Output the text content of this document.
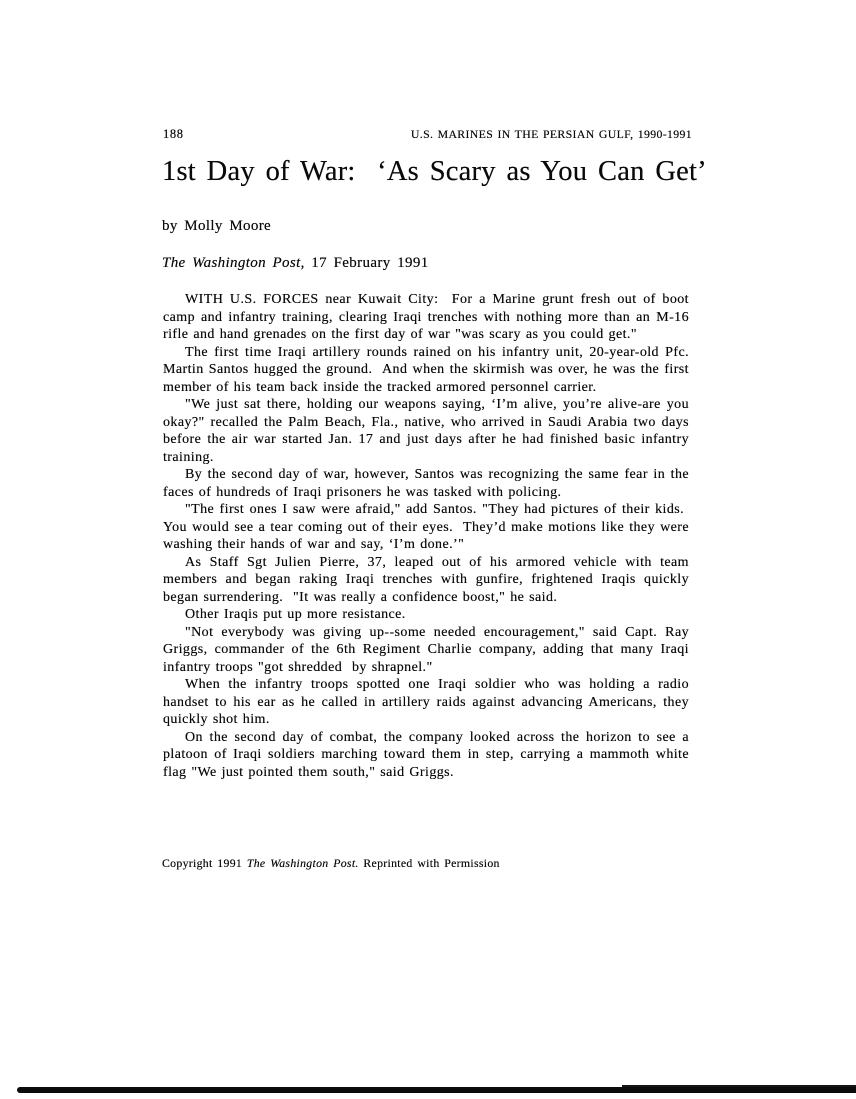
188	U.S. MARINES IN THE PERSIAN GULF, 1990-1991
1st Day of War:  ‘As Scary as You Can Get’
by Molly Moore
The Washington Post, 17 February 1991

WITH U.S. FORCES near Kuwait City:  For a Marine grunt fresh out of boot camp and infantry training, clearing Iraqi trenches with nothing more than an M-16 rifle and hand grenades on the first day of war "was scary as you could get."

The first time Iraqi artillery rounds rained on his infantry unit, 20-year-old Pfc. Martin Santos hugged the ground.  And when the skirmish was over, he was the first member of his team back inside the tracked armored personnel carrier.

"We just sat there, holding our weapons saying, ‘I’m alive, you’re alive-are you okay?" recalled the Palm Beach, Fla., native, who arrived in Saudi Arabia two days before the air war started Jan. 17 and just days after he had finished basic infantry training.

By the second day of war, however, Santos was recognizing the same fear in the faces of hundreds of Iraqi prisoners he was tasked with policing.

"The first ones I saw were afraid," add Santos. "They had pictures of their kids.  You would see a tear coming out of their eyes.  They’d make motions like they were washing their hands of war and say, ‘I’m done.’"

As Staff Sgt Julien Pierre, 37, leaped out of his armored vehicle with team members and began raking Iraqi trenches with gunfire, frightened Iraqis quickly began surrendering.  "It was really a confidence boost," he said.

Other Iraqis put up more resistance.

"Not everybody was giving up--some needed encouragement," said Capt. Ray Griggs, commander of the 6th Regiment Charlie company, adding that many Iraqi infantry troops "got shredded  by shrapnel."

When the infantry troops spotted one Iraqi soldier who was holding a radio handset to his ear as he called in artillery raids against advancing Americans, they quickly shot him.

On the second day of combat, the company looked across the horizon to see a platoon of Iraqi soldiers marching toward them in step, carrying a mammoth white flag "We just pointed them south," said Griggs.

Copyright 1991 The Washington Post. Reprinted with Permission
